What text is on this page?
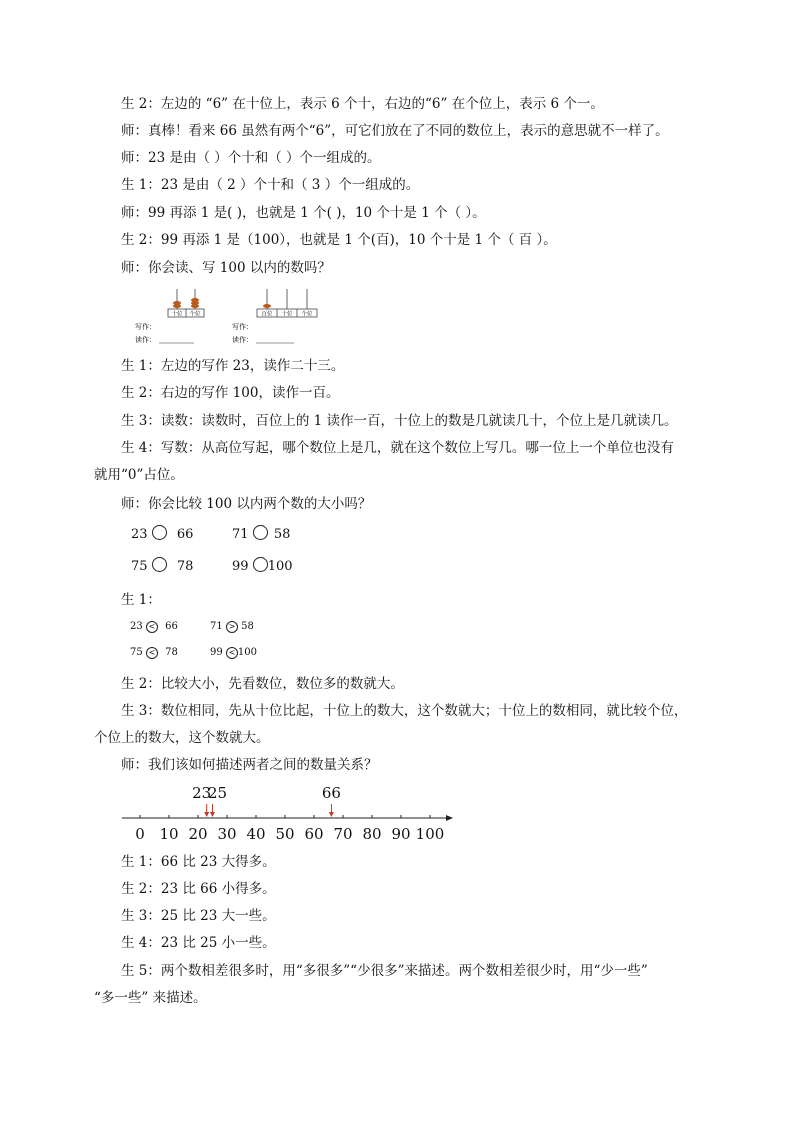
生 2：左边的 “6” 在十位上，表示 6 个十，右边的“6” 在个位上，表示 6 个一。
师：真棒！看来 66 虽然有两个“6”，可它们放在了不同的数位上，表示的意思就不一样了。
师：23 是由（ ）个十和（ ）个一组成的。
生 1：23 是由（ 2 ）个十和（ 3 ）个一组成的。
师：99 再添 1 是( )，也就是 1 个( )，10 个十是 1 个（ ）。
生 2：99 再添 1 是（100），也就是 1 个(百)，10 个十是 1 个（ 百 ）。
师：你会读、写 100 以内的数吗？
十位 个位
写作：
读作：
百位 十位 个位
写作：
读作：
生 1：左边的写作 23，读作二十三。
生 2：右边的写作 100，读作一百。
生 3：读数：读数时，百位上的 1 读作一百，十位上的数是几就读几十，个位上是几就读几。
生 4：写数：从高位写起，哪个数位上是几，就在这个数位上写几。哪一位上一个单位也没有
就用“0”占位。
师：你会比较 100 以内两个数的大小吗？
23 66	71 58
75 78	99 100
生 1：
23 < 66	71 > 58
75 < 78	99 < 100
生 2：比较大小，先看数位，数位多的数就大。
生 3：数位相同，先从十位比起，十位上的数大，这个数就大；十位上的数相同，就比较个位，
个位上的数大，这个数就大。
师：我们该如何描述两者之间的数量关系？
0 10 20 30 40 50 60 70 80 90 100
23
25	66
生 1：66 比 23 大得多。
生 2：23 比 66 小得多。
生 3：25 比 23 大一些。
生 4：23 比 25 小一些。
生 5：两个数相差很多时，用“多很多”“少很多”来描述。两个数相差很少时，用“少一些”
“多一些” 来描述。
